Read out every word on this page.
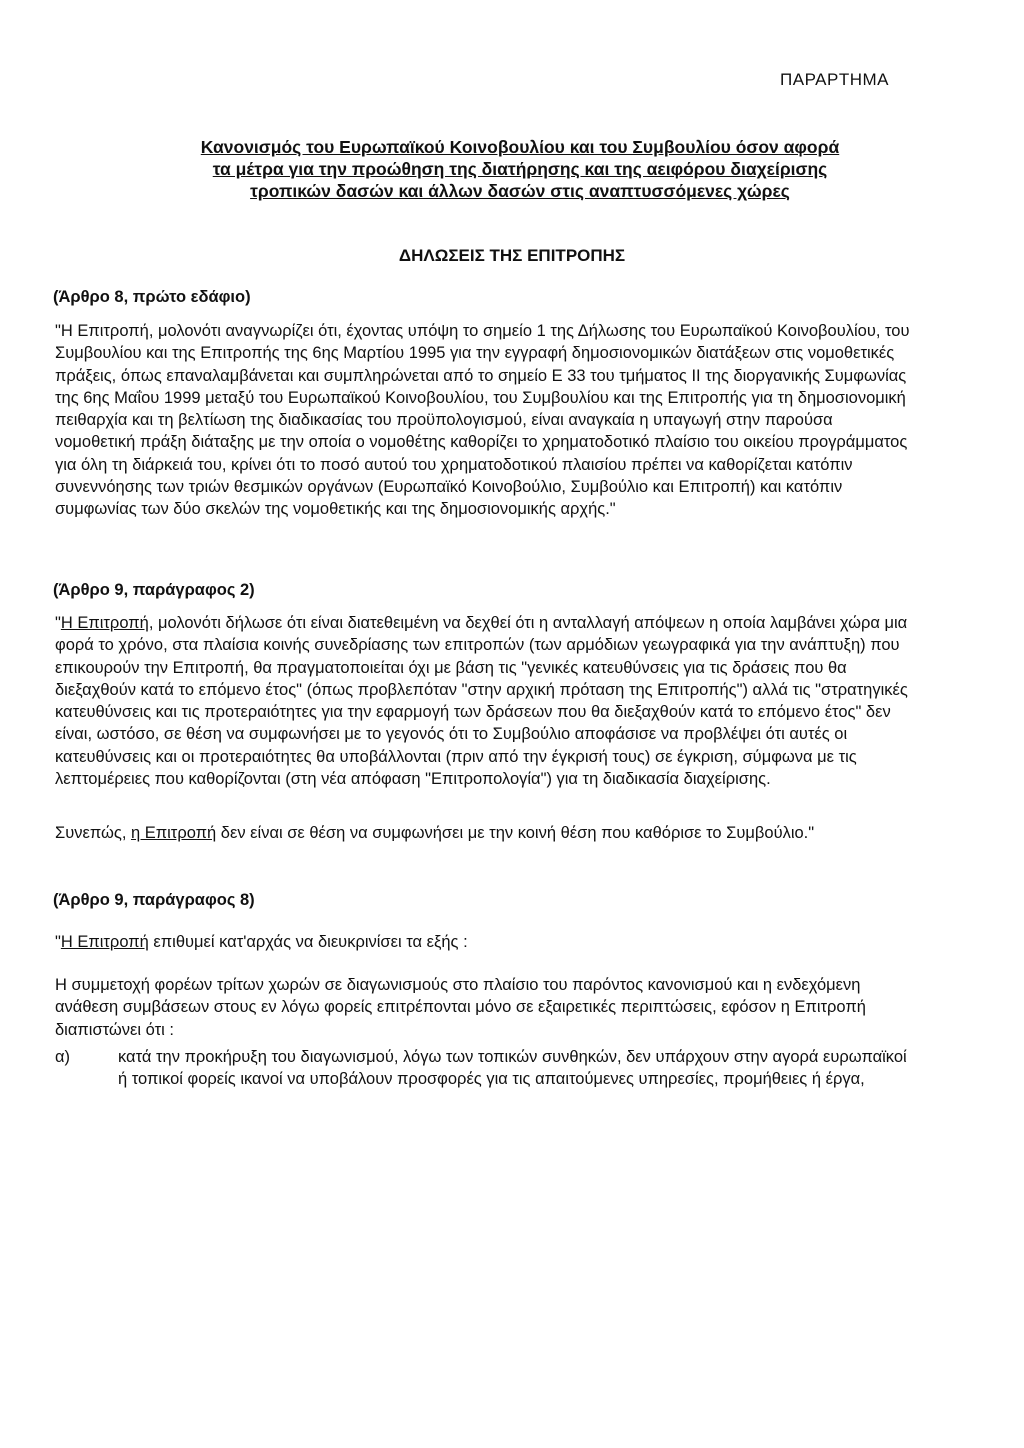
ΠΑΡΑΡΤΗΜΑ
Κανονισμός του Ευρωπαϊκού Κοινοβουλίου και του Συμβουλίου όσον αφορά
τα μέτρα για την προώθηση της διατήρησης και της αειφόρου διαχείρισης
τροπικών δασών και άλλων δασών στις αναπτυσσόμενες χώρες
ΔΗΛΩΣΕΙΣ ΤΗΣ ΕΠΙΤΡΟΠΗΣ
(Άρθρο 8, πρώτο εδάφιο)
"Η Επιτροπή, μολονότι αναγνωρίζει ότι, έχοντας υπόψη το σημείο 1 της Δήλωσης του Ευρωπαϊκού Κοινοβουλίου, του Συμβουλίου και της Επιτροπής της 6ης Μαρτίου 1995 για την εγγραφή δημοσιονομικών διατάξεων στις νομοθετικές πράξεις, όπως επαναλαμβάνεται και συμπληρώνεται από το σημείο Ε 33 του τμήματος ΙΙ της διοργανικής Συμφωνίας της 6ης Μαΐου 1999 μεταξύ του Ευρωπαϊκού Κοινοβουλίου, του Συμβουλίου και της Επιτροπής για τη δημοσιονομική πειθαρχία και τη βελτίωση της διαδικασίας του προϋπολογισμού, είναι αναγκαία η υπαγωγή στην παρούσα νομοθετική πράξη διάταξης με την οποία ο νομοθέτης καθορίζει το χρηματοδοτικό πλαίσιο του οικείου προγράμματος για όλη τη διάρκειά του, κρίνει ότι το ποσό αυτού του χρηματοδοτικού πλαισίου πρέπει να καθορίζεται κατόπιν συνεννόησης των τριών θεσμικών οργάνων (Ευρωπαϊκό Κοινοβούλιο, Συμβούλιο και Επιτροπή) και κατόπιν συμφωνίας των δύο σκελών της νομοθετικής και της δημοσιονομικής αρχής."
(Άρθρο 9, παράγραφος 2)
"Η Επιτροπή, μολονότι δήλωσε ότι είναι διατεθειμένη να δεχθεί ότι η ανταλλαγή απόψεων η οποία λαμβάνει χώρα μια φορά το χρόνο, στα πλαίσια κοινής συνεδρίασης των επιτροπών (των αρμόδιων γεωγραφικά για την ανάπτυξη) που επικουρούν την Επιτροπή, θα πραγματοποιείται όχι με βάση τις "γενικές κατευθύνσεις για τις δράσεις που θα διεξαχθούν κατά το επόμενο έτος" (όπως προβλεπόταν "στην αρχική πρόταση της Επιτροπής") αλλά τις "στρατηγικές κατευθύνσεις και τις προτεραιότητες για την εφαρμογή των δράσεων που θα διεξαχθούν κατά το επόμενο έτος" δεν είναι, ωστόσο, σε θέση να συμφωνήσει με το γεγονός ότι το Συμβούλιο αποφάσισε να προβλέψει ότι αυτές οι κατευθύνσεις και οι προτεραιότητες θα υποβάλλονται (πριν από την έγκρισή τους) σε έγκριση, σύμφωνα με τις λεπτομέρειες που καθορίζονται (στη νέα απόφαση "Επιτροπολογία") για τη διαδικασία διαχείρισης.
Συνεπώς, η Επιτροπή δεν είναι σε θέση να συμφωνήσει με την κοινή θέση που καθόρισε το Συμβούλιο."
(Άρθρο 9, παράγραφος 8)
"Η Επιτροπή επιθυμεί κατ'αρχάς να διευκρινίσει τα εξής :
Η συμμετοχή φορέων τρίτων χωρών σε διαγωνισμούς στο πλαίσιο του παρόντος κανονισμού και η ενδεχόμενη ανάθεση συμβάσεων στους εν λόγω φορείς επιτρέπονται μόνο σε εξαιρετικές περιπτώσεις, εφόσον η Επιτροπή διαπιστώνει ότι :
α)	κατά την προκήρυξη του διαγωνισμού, λόγω των τοπικών συνθηκών, δεν υπάρχουν στην αγορά ευρωπαϊκοί ή τοπικοί φορείς ικανοί να υποβάλουν προσφορές για τις απαιτούμενες υπηρεσίες, προμήθειες ή έργα,
